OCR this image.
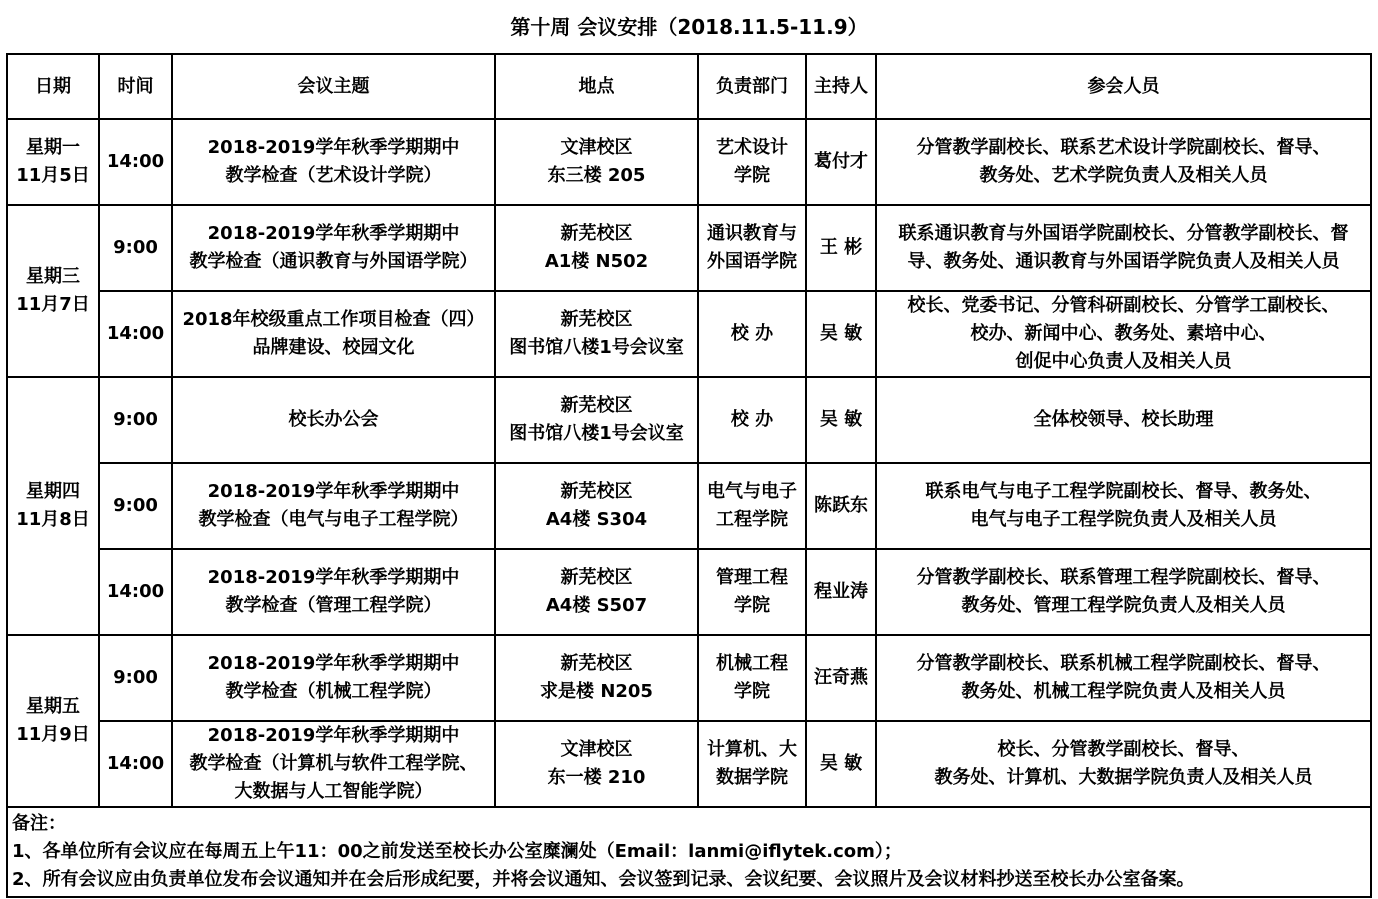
第十周 会议安排（2018.11.5-11.9）
日期	时间	会议主题	地点	负责部门	主持人	参会人员

星期一
11月5日	14:00	2018-2019学年秋季学期期中
教学检查（艺术设计学院）	文津校区
东三楼 205	艺术设计
学院	葛付才	分管教学副校长、联系艺术设计学院副校长、督导、
教务处、艺术学院负责人及相关人员

星期三
11月7日	9:00	2018-2019学年秋季学期期中
教学检查（通识教育与外国语学院）	新芜校区
A1楼 N502	通识教育与
外国语学院	王 彬	联系通识教育与外国语学院副校长、分管教学副校长、督
导、教务处、通识教育与外国语学院负责人及相关人员

	14:00	2018年校级重点工作项目检查（四）
品牌建设、校园文化	新芜校区
图书馆八楼1号会议室	校 办	吴 敏	校长、党委书记、分管科研副校长、分管学工副校长、
校办、新闻中心、教务处、素培中心、
创促中心负责人及相关人员

星期四
11月8日	9:00	校长办公会	新芜校区
图书馆八楼1号会议室	校 办	吴 敏	全体校领导、校长助理

	9:00	2018-2019学年秋季学期期中
教学检查（电气与电子工程学院）	新芜校区
A4楼 S304	电气与电子
工程学院	陈跃东	联系电气与电子工程学院副校长、督导、教务处、
电气与电子工程学院负责人及相关人员

	14:00	2018-2019学年秋季学期期中
教学检查（管理工程学院）	新芜校区
A4楼 S507	管理工程
学院	程业涛	分管教学副校长、联系管理工程学院副校长、督导、
教务处、管理工程学院负责人及相关人员

星期五
11月9日	9:00	2018-2019学年秋季学期期中
教学检查（机械工程学院）	新芜校区
求是楼 N205	机械工程
学院	汪奇燕	分管教学副校长、联系机械工程学院副校长、督导、
教务处、机械工程学院负责人及相关人员

	14:00	2018-2019学年秋季学期期中
教学检查（计算机与软件工程学院、
大数据与人工智能学院）	文津校区
东一楼 210	计算机、大
数据学院	吴 敏	校长、分管教学副校长、督导、
教务处、计算机、大数据学院负责人及相关人员

备注：
1、各单位所有会议应在每周五上午11：00之前发送至校长办公室糜澜处（Email：lanmi@iflytek.com）；
2、所有会议应由负责单位发布会议通知并在会后形成纪要，并将会议通知、会议签到记录、会议纪要、会议照片及会议材料抄送至校长办公室备案。						
